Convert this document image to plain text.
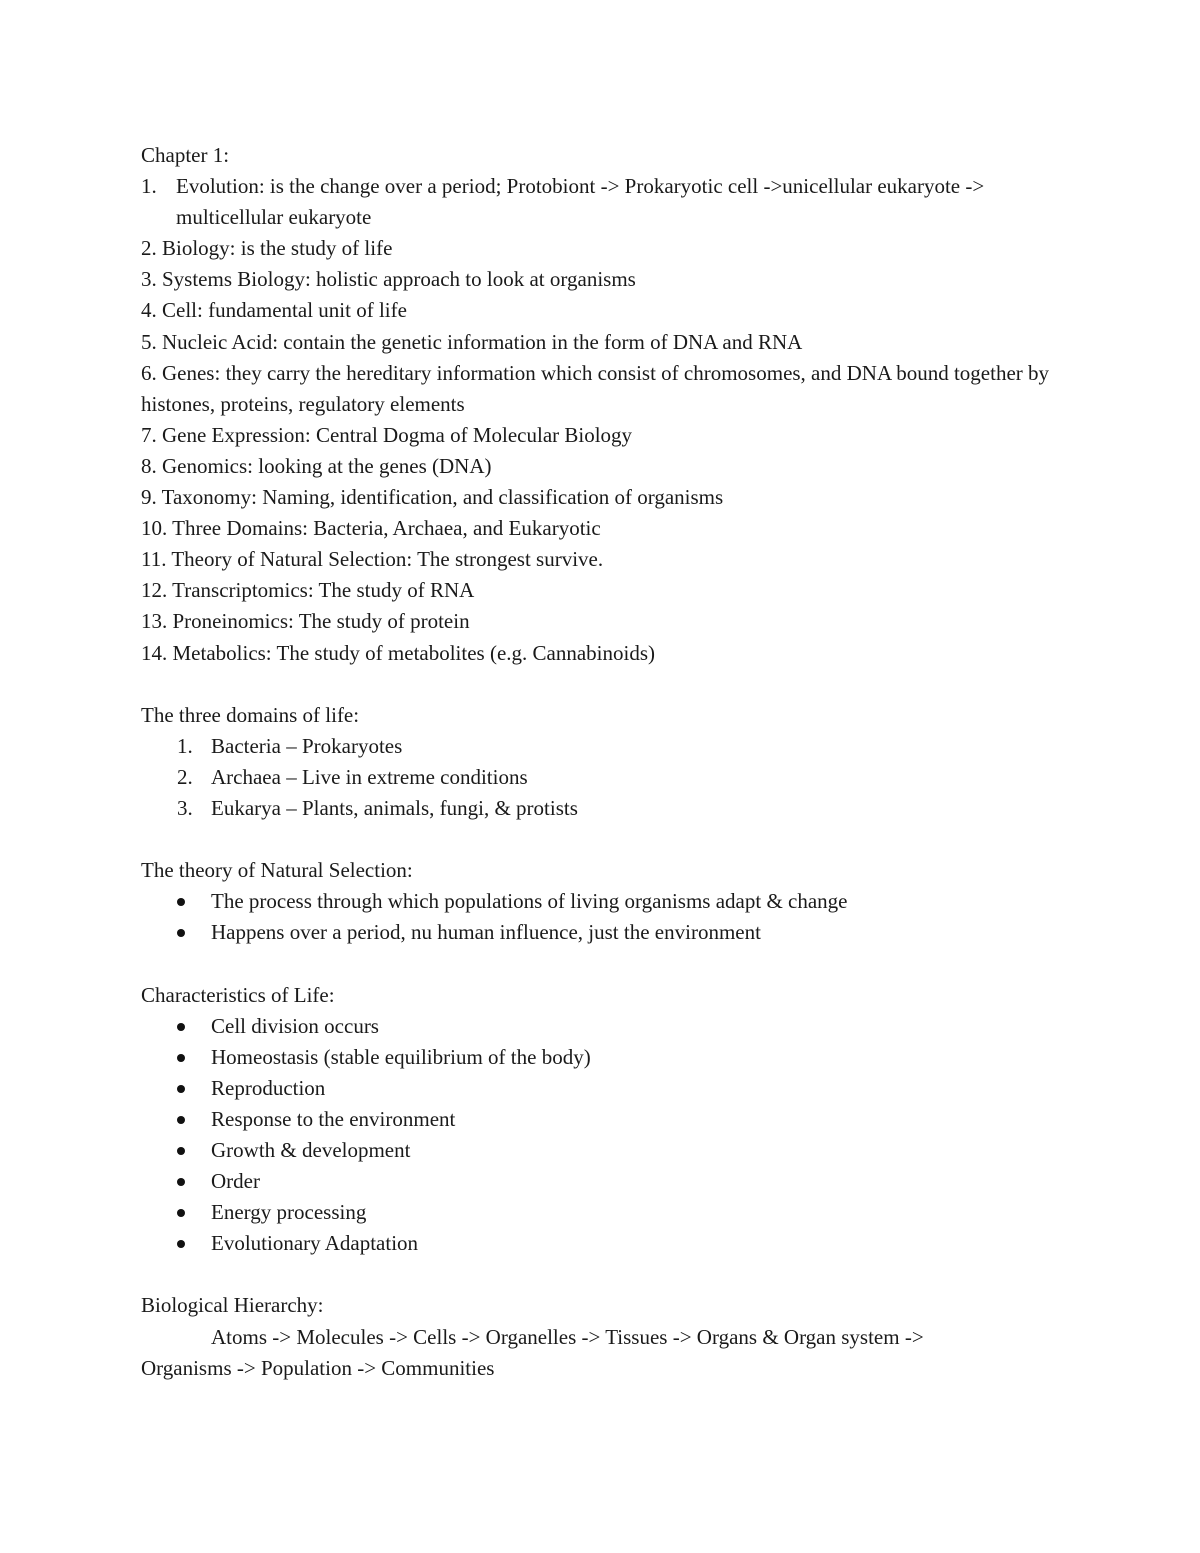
Chapter 1:

1. Evolution: is the change over a period; Protobiont -> Prokaryotic cell ->unicellular eukaryote -> multicellular eukaryote

2. Biology: is the study of life

3. Systems Biology: holistic approach to look at organisms

4. Cell: fundamental unit of life

5. Nucleic Acid: contain the genetic information in the form of DNA and RNA

6. Genes: they carry the hereditary information which consist of chromosomes, and DNA bound together by histones, proteins, regulatory elements

7. Gene Expression: Central Dogma of Molecular Biology

8. Genomics: looking at the genes (DNA)

9. Taxonomy: Naming, identification, and classification of organisms

10. Three Domains: Bacteria, Archaea, and Eukaryotic

11. Theory of Natural Selection: The strongest survive.

12. Transcriptomics: The study of RNA

13. Proneinomics: The study of protein

14. Metabolics: The study of metabolites (e.g. Cannabinoids)

The three domains of life:

1. Bacteria – Prokaryotes
2. Archaea – Live in extreme conditions
3. Eukarya – Plants, animals, fungi, & protists

The theory of Natural Selection:

The process through which populations of living organisms adapt & change
Happens over a period, nu human influence, just the environment

Characteristics of Life:

Cell division occurs
Homeostasis (stable equilibrium of the body)
Reproduction
Response to the environment
Growth & development
Order
Energy processing
Evolutionary Adaptation

Biological Hierarchy:

Atoms -> Molecules -> Cells -> Organelles -> Tissues -> Organs & Organ system ->

Organisms -> Population -> Communities
